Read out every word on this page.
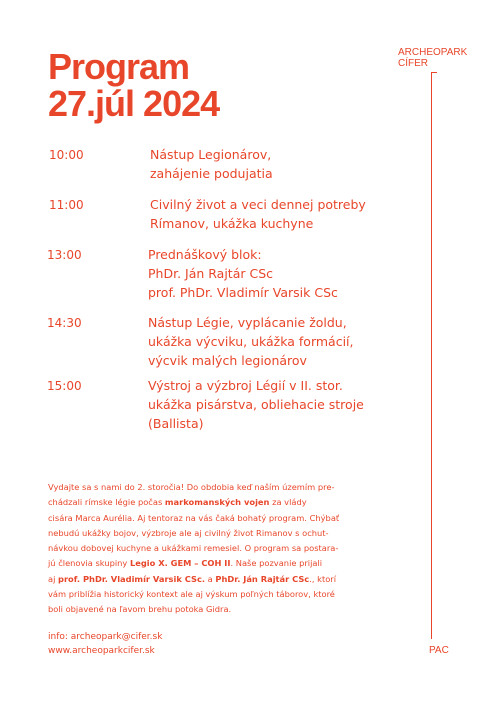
Program
27.júl 2024
ARCHEOPARK
CÍFER
PAC
10:00	Nástup Legionárov,
zahájenie podujatia
11:00	Civilný život a veci dennej potreby
Rímanov, ukážka kuchyne
13:00	Prednáškový blok:
PhDr. Ján Rajtár CSc
prof. PhDr. Vladimír Varsik CSc
14:30	Nástup Légie, vyplácanie žoldu,
ukážka výcviku, ukážka formácií,
výcvik malých legionárov
15:00	Výstroj a výzbroj Légií v II. stor.
ukážka pisárstva, obliehacie stroje
(Ballista)
Vydajte sa s nami do 2. storočia! Do obdobia keď naším územím pre-
chádzali rímske légie počas markomanských vojen za vlády
cisára Marca Aurélia. Aj tentoraz na vás čaká bohatý program. Chýbať
nebudú ukážky bojov, výzbroje ale aj civilný život Rimanov s ochut-
návkou dobovej kuchyne a ukážkami remesiel. O program sa postara-
jú členovia skupiny Legio X. GEM – COH II. Naše pozvanie prijali
aj prof. PhDr. Vladimír Varsik CSc. a PhDr. Ján Rajtár CSc., ktorí
vám priblížia historický kontext ale aj výskum poľných táborov, ktoré
boli objavené na ľavom brehu potoka Gidra.
info: archeopark@cifer.sk
www.archeoparkcifer.sk
